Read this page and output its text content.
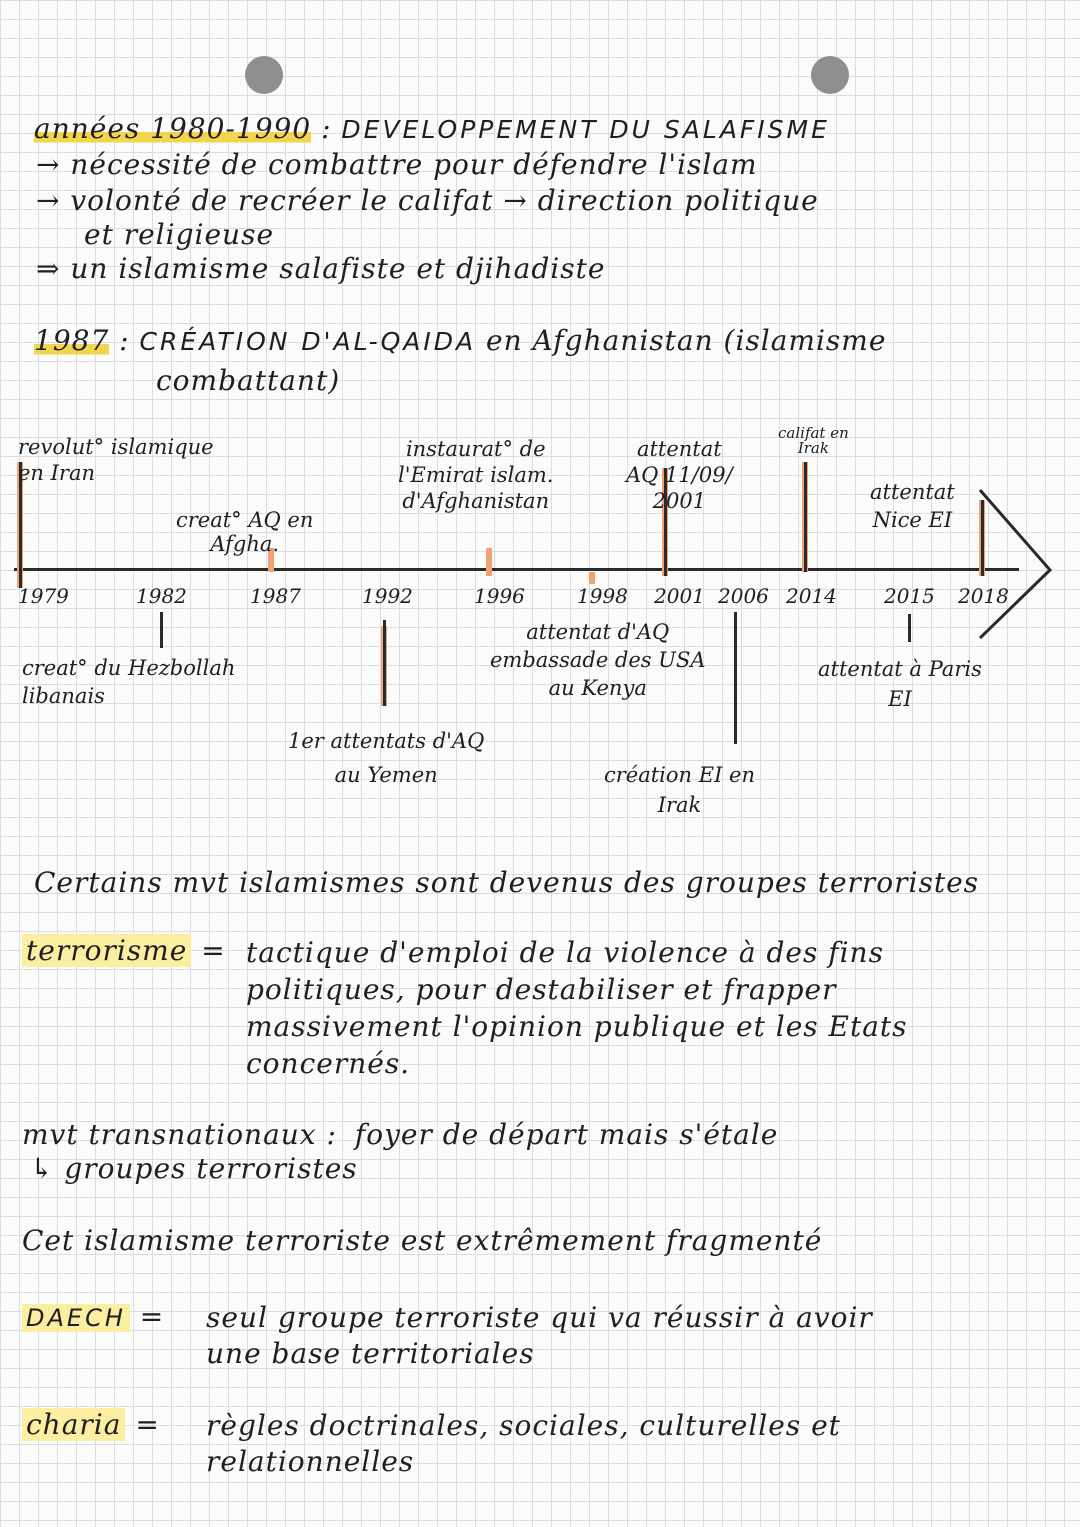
années 1980-1990 : DEVELOPPEMENT DU SALAFISME
→ nécessité de combattre pour défendre l'islam
→ volonté de recréer le califat → direction politique
et religieuse
⇒ un islamisme salafiste et djihadiste
1987 : CRÉATION D'AL-QAIDA en Afghanistan (islamisme
combattant)
revolut° islamique
en Iran
creat° AQ en
Afgha.
instaurat° de
l'Emirat islam.
d'Afghanistan
attentat
AQ 11/09/
2001
califat en
Irak
attentat
Nice EI
1979	1982	1987	1992	1996	1998 2001 2006 2014 2015 2018
creat° du Hezbollah
libanais
1er attentats d'AQ
au Yemen
attentat d'AQ
embassade des USA
au Kenya
création EI en
Irak
attentat à Paris
EI
Certains mvt islamismes sont devenus des groupes terroristes
terrorisme = tactique d'emploi de la violence à des fins
politiques, pour destabiliser et frapper
massivement l'opinion publique et les Etats
concernés.
mvt transnationaux : foyer de départ mais s'étale
↳ groupes terroristes
Cet islamisme terroriste est extrêmement fragmenté
DAECH = seul groupe terroriste qui va réussir à avoir
une base territoriales
charia = règles doctrinales, sociales, culturelles et
relationnelles
